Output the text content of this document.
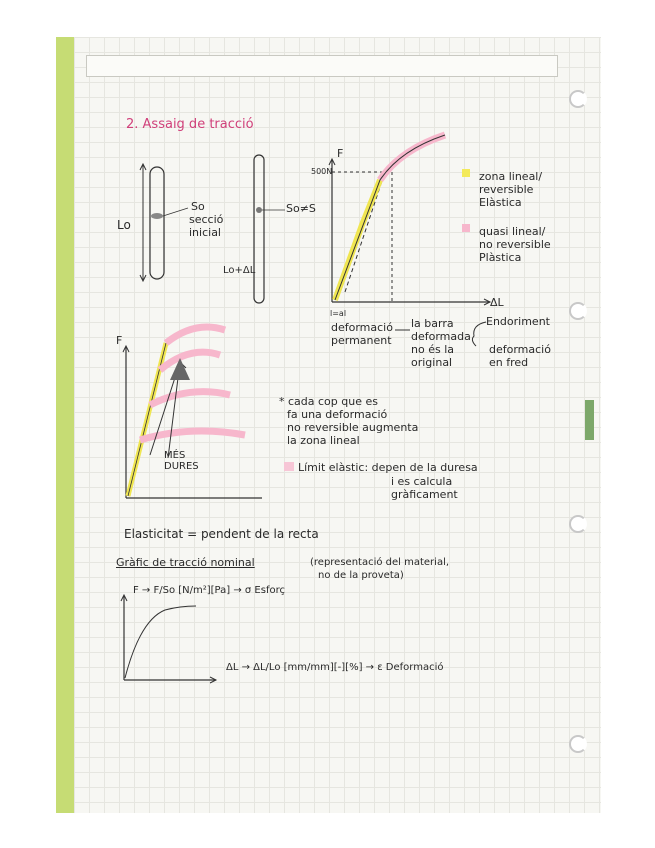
2. Assaig de tracció
Lo
So
secció
inicial
Lo+ΔL
So≠S
F
500N
ΔL
l=al
zona lineal/
reversible
Elàstica
quasi lineal/
no reversible
Plàstica
deformació
permanent
la barra
deformada
no és la
original
Endoriment
deformació
en fred
F
MÉS
DURES
* cada cop que es
fa una deformació
no reversible augmenta
la zona lineal
Límit elàstic: depen de la duresa
i es calcula
gràficament
Elasticitat = pendent de la recta
Gràfic de tracció nominal	(representació del material,
no de la proveta)
F → F/So [N/m²][Pa] → σ Esforç
ΔL → ΔL/Lo [mm/mm][-][%] → ε Deformació
